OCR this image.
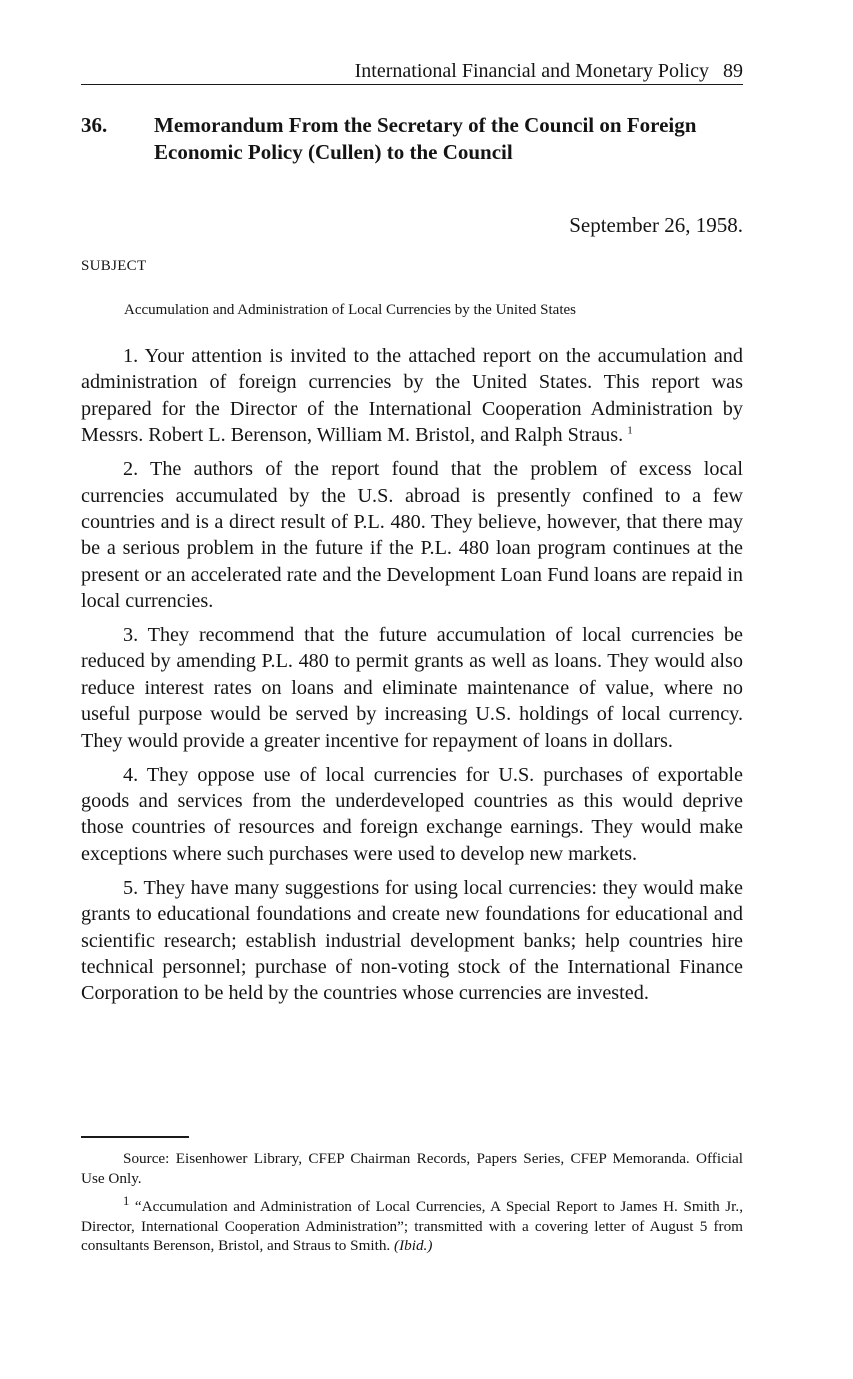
International Financial and Monetary Policy 89
36. Memorandum From the Secretary of the Council on Foreign Economic Policy (Cullen) to the Council
September 26, 1958.
SUBJECT
Accumulation and Administration of Local Currencies by the United States

1. Your attention is invited to the attached report on the accumulation and administration of foreign currencies by the United States. This report was prepared for the Director of the International Cooperation Administration by Messrs. Robert L. Berenson, William M. Bristol, and Ralph Straus.  $^1$

2. The authors of the report found that the problem of excess local currencies accumulated by the U.S. abroad is presently confined to a few countries and is a direct result of P.L. 480. They believe, however, that there may be a serious problem in the future if the P.L. 480 loan program continues at the present or an accelerated rate and the Development Loan Fund loans are repaid in local currencies.

3. They recommend that the future accumulation of local currencies be reduced by amending P.L. 480 to permit grants as well as loans. They would also reduce interest rates on loans and eliminate maintenance of value, where no useful purpose would be served by increasing U.S. holdings of local currency. They would provide a greater incentive for repayment of loans in dollars.

4. They oppose use of local currencies for U.S. purchases of exportable goods and services from the underdeveloped countries as this would deprive those countries of resources and foreign exchange earnings. They would make exceptions where such purchases were used to develop new markets.

5. They have many suggestions for using local currencies: they would make grants to educational foundations and create new foundations for educational and scientific research; establish industrial development banks; help countries hire technical personnel; purchase of non-voting stock of the International Finance Corporation to be held by the countries whose currencies are invested.

Source: Eisenhower Library, CFEP Chairman Records, Papers Series, CFEP Memoranda. Official Use Only.

$^1$ “Accumulation and Administration of Local Currencies, A Special Report to James H. Smith Jr., Director, International Cooperation Administration”; transmitted with a covering letter of August 5 from consultants Berenson, Bristol, and Straus to Smith. (Ibid.)
